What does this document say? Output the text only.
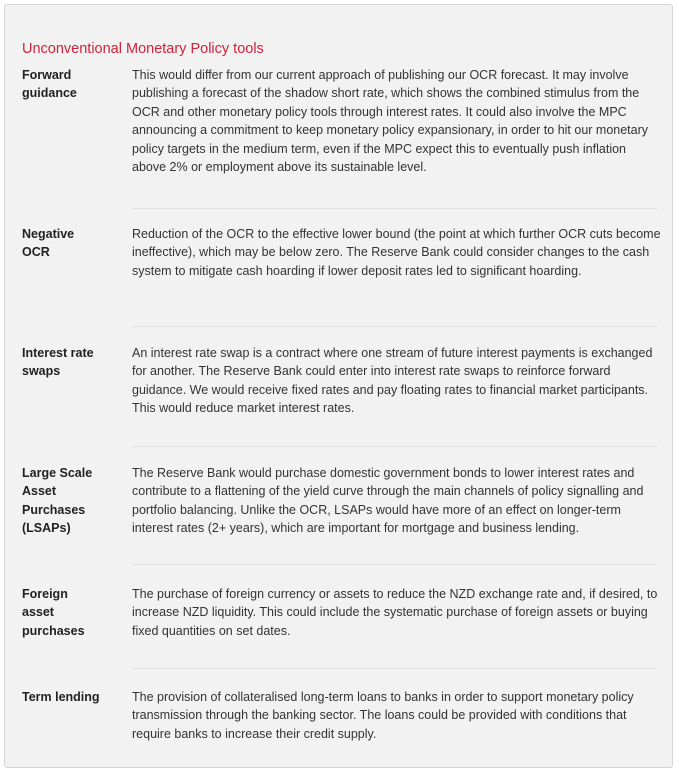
Unconventional Monetary Policy tools
Forward guidance
This would differ from our current approach of publishing our OCR forecast. It may involve publishing a forecast of the shadow short rate, which shows the combined stimulus from the OCR and other monetary policy tools through interest rates. It could also involve the MPC announcing a commitment to keep monetary policy expansionary, in order to hit our monetary policy targets in the medium term, even if the MPC expect this to eventually push inflation above 2% or employment above its sustainable level.
Negative OCR
Reduction of the OCR to the effective lower bound (the point at which further OCR cuts become ineffective), which may be below zero. The Reserve Bank could consider changes to the cash system to mitigate cash hoarding if lower deposit rates led to significant hoarding.
Interest rate swaps
An interest rate swap is a contract where one stream of future interest payments is exchanged for another. The Reserve Bank could enter into interest rate swaps to reinforce forward guidance. We would receive fixed rates and pay floating rates to financial market participants. This would reduce market interest rates.
Large Scale Asset Purchases (LSAPs)
The Reserve Bank would purchase domestic government bonds to lower interest rates and contribute to a flattening of the yield curve through the main channels of policy signalling and portfolio balancing. Unlike the OCR, LSAPs would have more of an effect on longer-term interest rates (2+ years), which are important for mortgage and business lending.
Foreign asset purchases
The purchase of foreign currency or assets to reduce the NZD exchange rate and, if desired, to increase NZD liquidity. This could include the systematic purchase of foreign assets or buying fixed quantities on set dates.
Term lending	The provision of collateralised long-term loans to banks in order to support monetary policy transmission through the banking sector. The loans could be provided with conditions that require banks to increase their credit supply.
